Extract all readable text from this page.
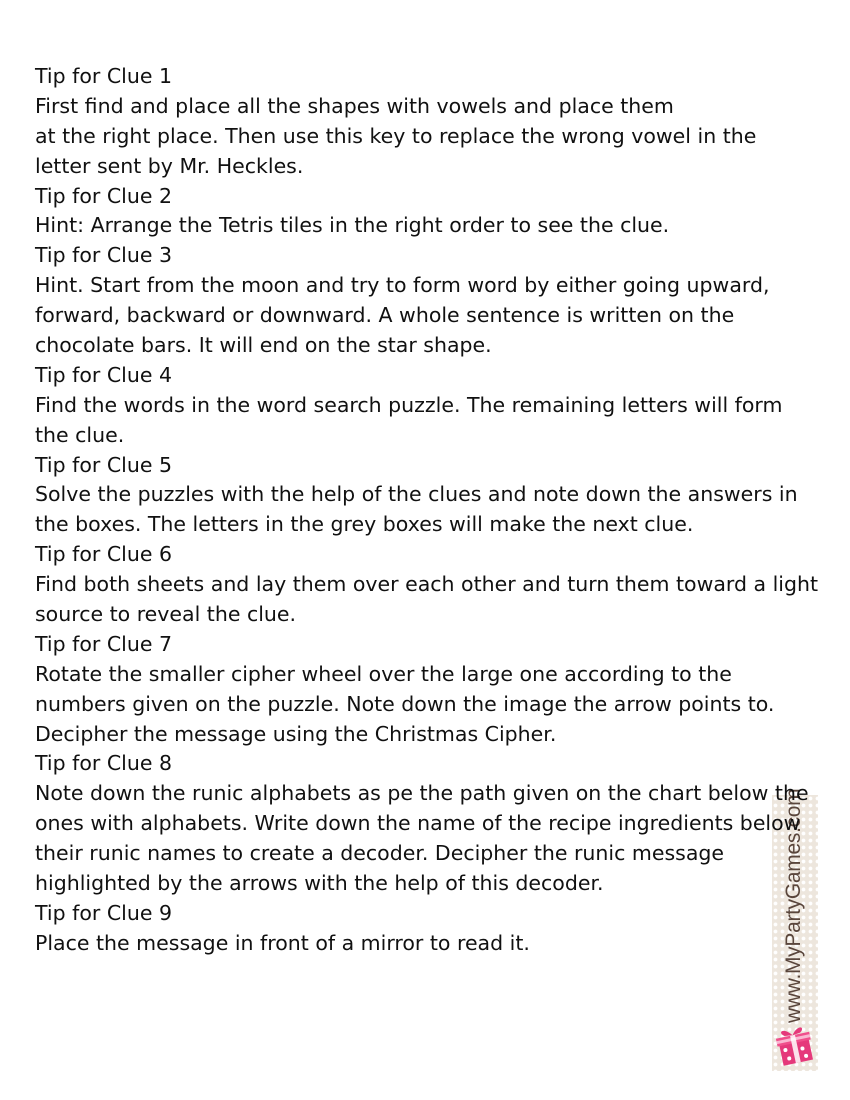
Tip for Clue 1
First find and place all the shapes with vowels and place them
at the right place. Then use this key to replace the wrong vowel in the
letter sent by Mr. Heckles.
Tip for Clue 2
Hint: Arrange the Tetris tiles in the right order to see the clue.
Tip for Clue 3
Hint. Start from the moon and try to form word by either going upward,
forward, backward or downward. A whole sentence is written on the
chocolate bars. It will end on the star shape.
Tip for Clue 4
Find the words in the word search puzzle. The remaining letters will form
the clue.
Tip for Clue 5
Solve the puzzles with the help of the clues and note down the answers in
the boxes. The letters in the grey boxes will make the next clue.
Tip for Clue 6
Find both sheets and lay them over each other and turn them toward a light
source to reveal the clue.
Tip for Clue 7
Rotate the smaller cipher wheel over the large one according to the
numbers given on the puzzle. Note down the image the arrow points to.
Decipher the message using the Christmas Cipher.
Tip for Clue 8
Note down the runic alphabets as pe the path given on the chart below the
ones with alphabets. Write down the name of the recipe ingredients below
their runic names to create a decoder. Decipher the runic message
highlighted by the arrows with the help of this decoder.
Tip for Clue 9
Place the message in front of a mirror to read it.	www.MyPartyGames.com
